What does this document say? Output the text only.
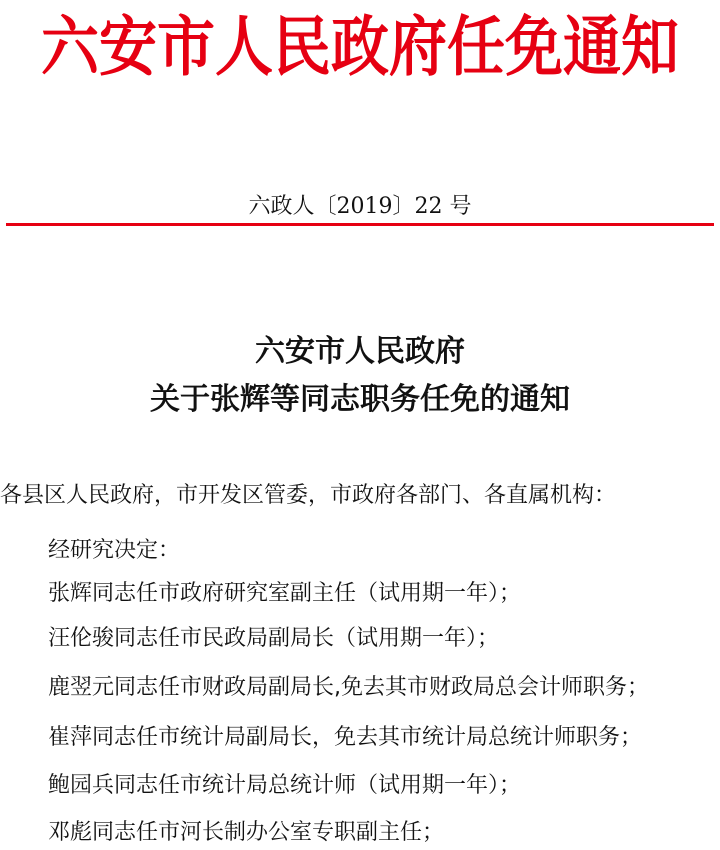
六安市人民政府任免通知
六政人〔2019〕22 号
六安市人民政府
关于张辉等同志职务任免的通知
各县区人民政府，市开发区管委，市政府各部门、各直属机构：
经研究决定：
张辉同志任市政府研究室副主任（试用期一年）；
汪伦骏同志任市民政局副局长（试用期一年）；
鹿翌元同志任市财政局副局长,免去其市财政局总会计师职务；
崔萍同志任市统计局副局长，免去其市统计局总统计师职务；
鲍园兵同志任市统计局总统计师（试用期一年）；
邓彪同志任市河长制办公室专职副主任；
